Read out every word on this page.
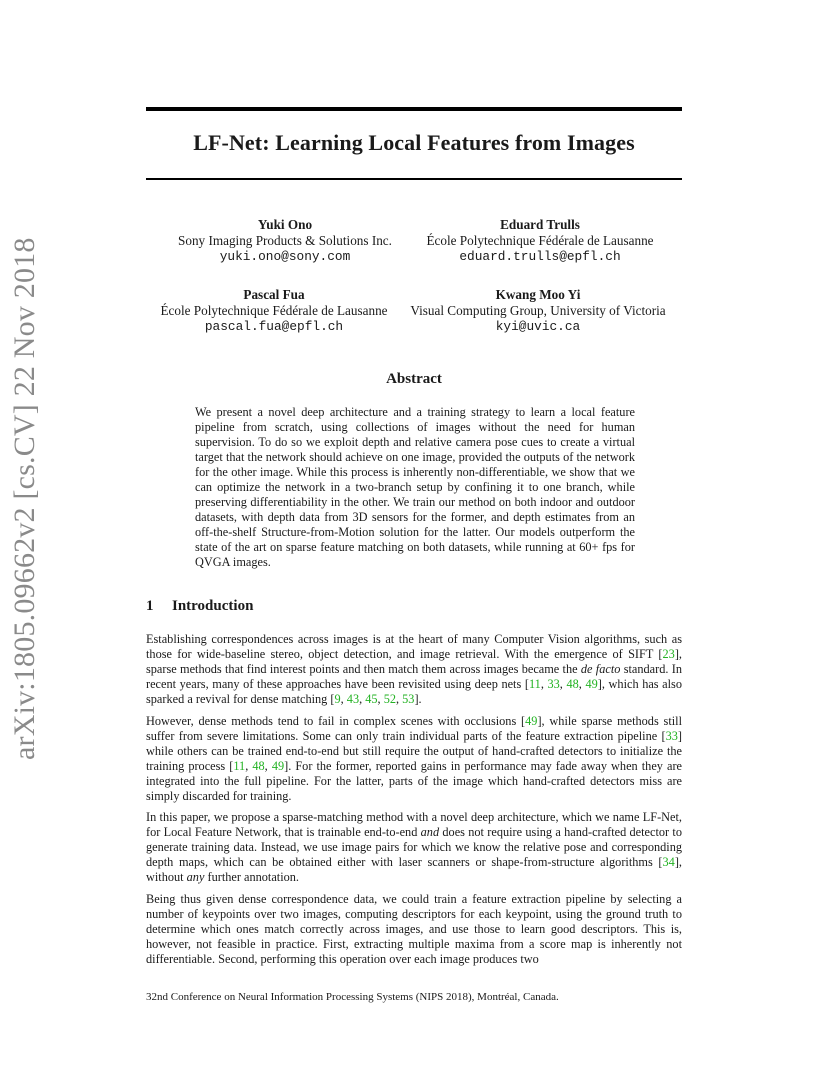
arXiv:1805.09662v2 [cs.CV] 22 Nov 2018
LF-Net: Learning Local Features from Images
Yuki Ono
Sony Imaging Products & Solutions Inc.
yuki.ono@sony.com
Eduard Trulls
École Polytechnique Fédérale de Lausanne
eduard.trulls@epfl.ch
Pascal Fua
École Polytechnique Fédérale de Lausanne
pascal.fua@epfl.ch
Kwang Moo Yi
Visual Computing Group, University of Victoria
kyi@uvic.ca
Abstract
We present a novel deep architecture and a training strategy to learn a local feature pipeline from scratch, using collections of images without the need for human supervision. To do so we exploit depth and relative camera pose cues to create a virtual target that the network should achieve on one image, provided the outputs of the network for the other image. While this process is inherently non-differentiable, we show that we can optimize the network in a two-branch setup by confining it to one branch, while preserving differentiability in the other. We train our method on both indoor and outdoor datasets, with depth data from 3D sensors for the former, and depth estimates from an off-the-shelf Structure-from-Motion solution for the latter. Our models outperform the state of the art on sparse feature matching on both datasets, while running at 60+ fps for QVGA images.
1 Introduction

Establishing correspondences across images is at the heart of many Computer Vision algorithms, such as those for wide-baseline stereo, object detection, and image retrieval. With the emergence of SIFT [23], sparse methods that find interest points and then match them across images became the de facto standard. In recent years, many of these approaches have been revisited using deep nets [11, 33, 48, 49], which has also sparked a revival for dense matching [9, 43, 45, 52, 53].

However, dense methods tend to fail in complex scenes with occlusions [49], while sparse methods still suffer from severe limitations. Some can only train individual parts of the feature extraction pipeline [33] while others can be trained end-to-end but still require the output of hand-crafted detectors to initialize the training process [11, 48, 49]. For the former, reported gains in performance may fade away when they are integrated into the full pipeline. For the latter, parts of the image which hand-crafted detectors miss are simply discarded for training.

In this paper, we propose a sparse-matching method with a novel deep architecture, which we name LF-Net, for Local Feature Network, that is trainable end-to-end and does not require using a hand-crafted detector to generate training data. Instead, we use image pairs for which we know the relative pose and corresponding depth maps, which can be obtained either with laser scanners or shape-from-structure algorithms [34], without any further annotation.

Being thus given dense correspondence data, we could train a feature extraction pipeline by selecting a number of keypoints over two images, computing descriptors for each keypoint, using the ground truth to determine which ones match correctly across images, and use those to learn good descriptors. This is, however, not feasible in practice. First, extracting multiple maxima from a score map is inherently not differentiable. Second, performing this operation over each image produces two

32nd Conference on Neural Information Processing Systems (NIPS 2018), Montréal, Canada.
